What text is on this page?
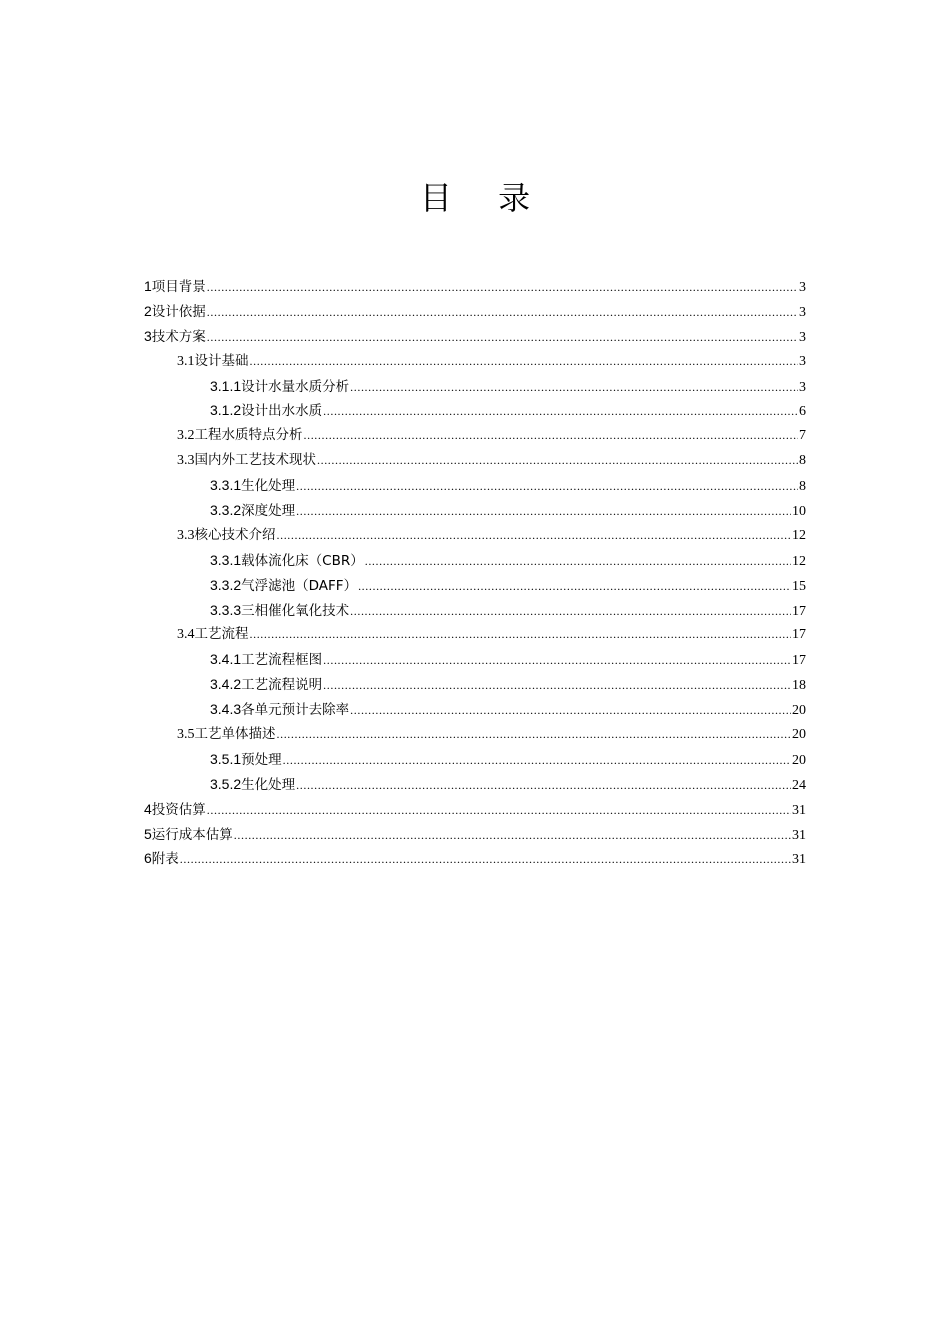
目 录
1 项目背景 .....	3
2 设计依据 .....	3
3 技术方案 .....	3
3.1 设计基础 .....	3
3.1.1 设计水量水质分析 .....	3
3.1.2 设计出水水质 .....	6
3.2 工程水质特点分析 .....	7
3.3 国内外工艺技术现状 .....	8
3.3.1 生化处理 .....	8
3.3.2 深度处理 .....	10
3.3 核心技术介绍 .....	12
3.3.1 载体流化床（CBR） .....	12
3.3.2 气浮滤池（DAFF） .....	15
3.3.3 三相催化氧化技术 .....	17
3.4 工艺流程 .....	17
3.4.1 工艺流程框图 .....	17
3.4.2 工艺流程说明 .....	18
3.4.3 各单元预计去除率 .....	20
3.5 工艺单体描述 .....	20
3.5.1 预处理 .....	20
3.5.2 生化处理 .....	24
4 投资估算 .....	31
5 运行成本估算 .....	31
6 附表 .....	31
